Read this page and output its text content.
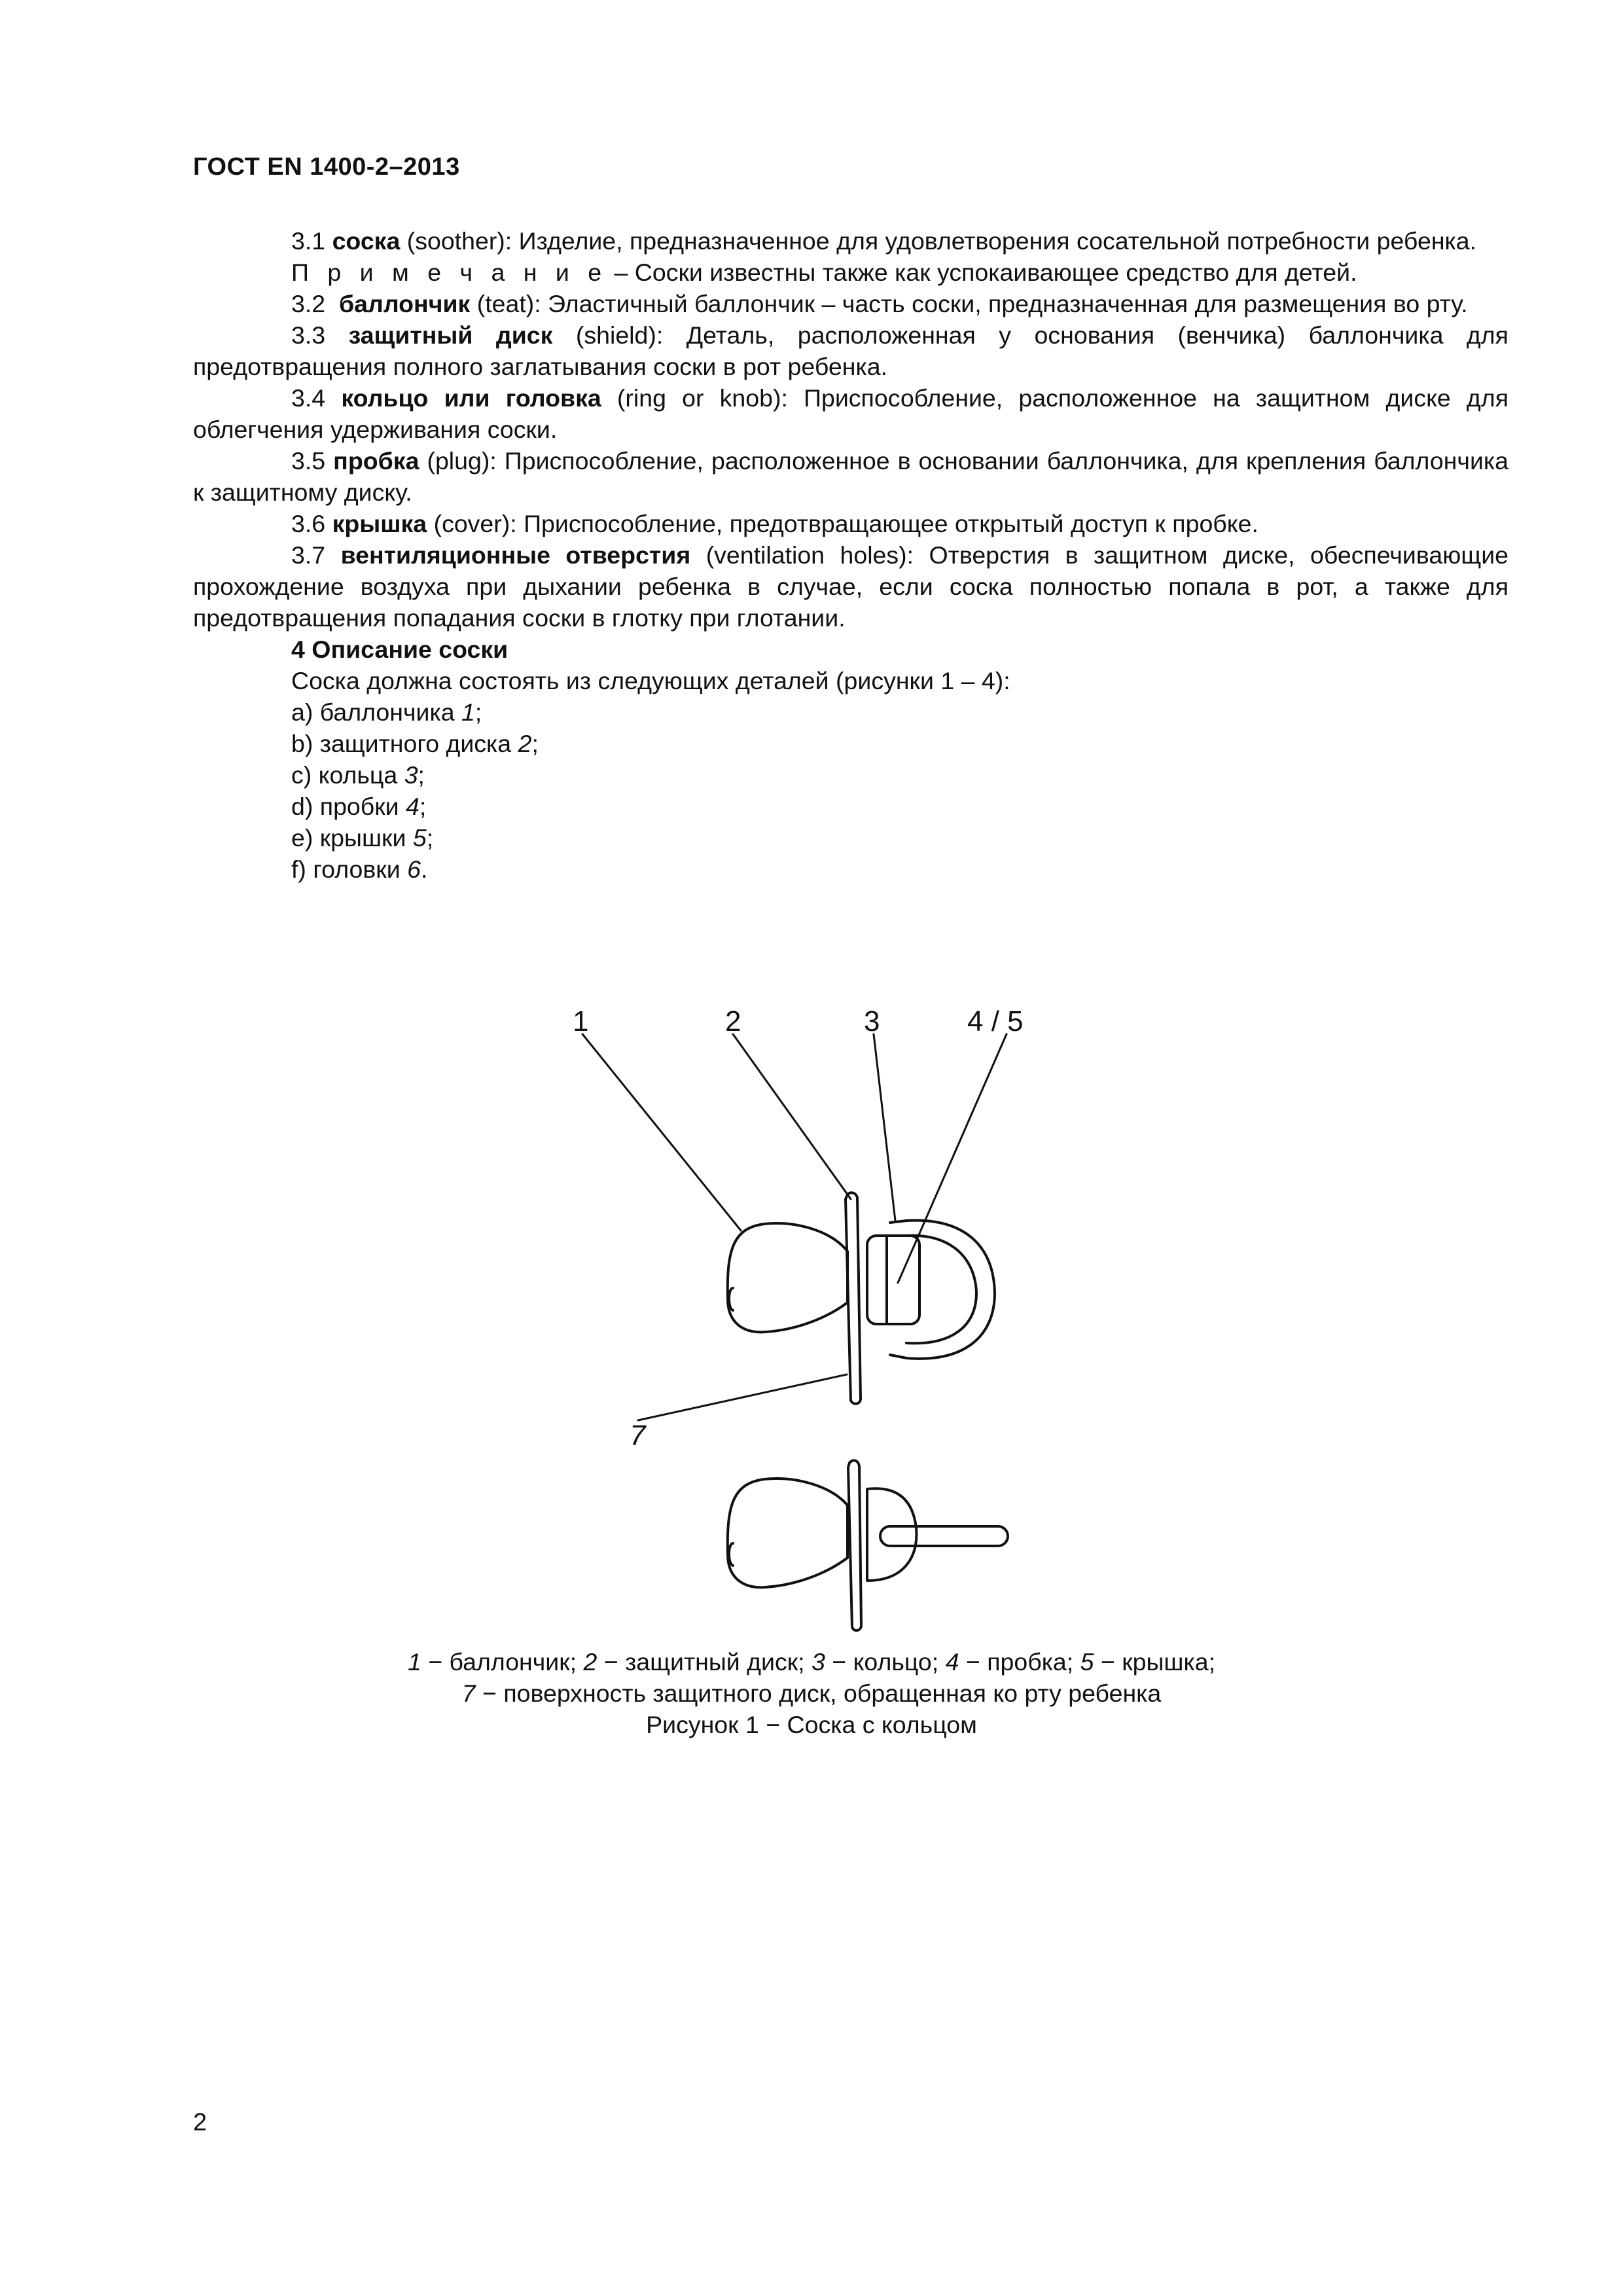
ГОСТ EN 1400-2–2013

3.1 соска (soother): Изделие, предназначенное для удовлетворения сосательной потребности ребенка.

П р и м е ч а н и е – Соски известны также как успокаивающее средство для детей.

3.2 баллончик (teat): Эластичный баллончик – часть соски, предназначенная для размещения во рту.

3.3 защитный диск (shield): Деталь, расположенная у основания (венчика) баллончика для предотвращения полного заглатывания соски в рот ребенка.

3.4 кольцо или головка (ring or knob): Приспособление, расположенное на защитном диске для облегчения удерживания соски.

3.5 пробка (plug): Приспособление, расположенное в основании баллончика, для крепления баллончика к защитному диску.

3.6 крышка (cover): Приспособление, предотвращающее открытый доступ к пробке.

3.7 вентиляционные отверстия (ventilation holes): Отверстия в защитном диске, обеспечивающие прохождение воздуха при дыхании ребенка в случае, если соска полностью попала в рот, а также для предотвращения попадания соски в глотку при глотании.

4 Описание соски

Соска должна состоять из следующих деталей (рисунки 1 – 4):

a) баллончика 1;

b) защитного диска 2;

c) кольца 3;

d) пробки 4;

e) крышки 5;

f) головки 6.

1	2	3	4 / 5
7
1 − баллончик; 2 − защитный диск; 3 − кольцо; 4 − пробка; 5 − крышка;
7 − поверхность защитного диск, обращенная ко рту ребенка
Рисунок 1 − Соска с кольцом
2
